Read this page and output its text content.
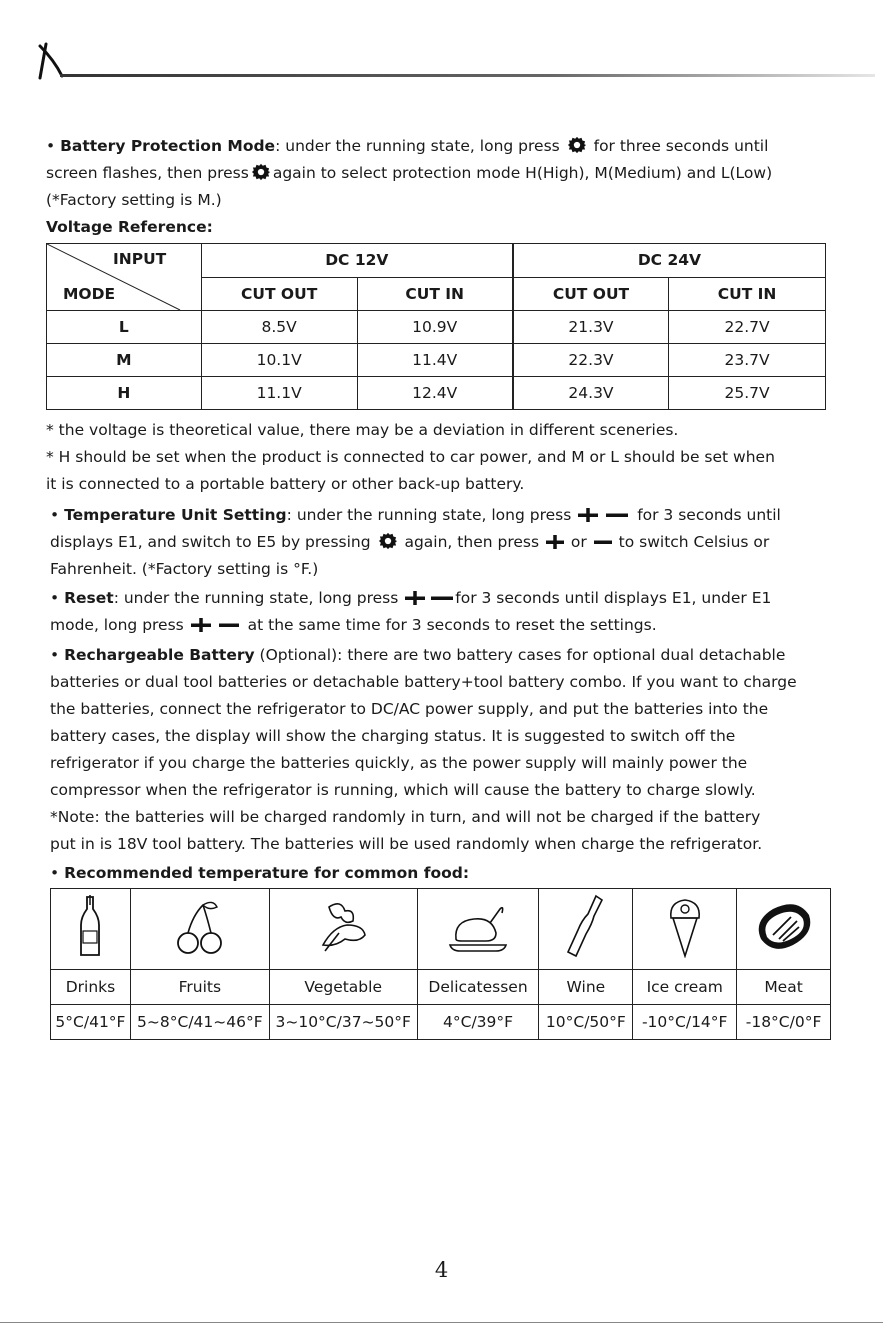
• Battery Protection Mode: under the running state, long press for three seconds until

screen flashes, then press again to select protection mode H(High), M(Medium) and L(Low)

(*Factory setting is M.)

Voltage Reference:

INPUT
MODE	DC 12V		DC 24V	
	CUT OUT	CUT IN	CUT OUT	CUT IN
L	8.5V	10.9V	21.3V	22.7V
M	10.1V	11.4V	22.3V	23.7V
H	11.1V	12.4V	24.3V	25.7V

* the voltage is theoretical value, there may be a deviation in different sceneries.

* H should be set when the product is connected to car power, and M or L should be set when

it is connected to a portable battery or other back-up battery.

• Temperature Unit Setting: under the running state, long press	for 3 seconds until

displays E1, and switch to E5 by pressing again, then press or to switch Celsius or

Fahrenheit. (*Factory setting is °F.)

• Reset: under the running state, long press	for 3 seconds until displays E1, under E1

mode, long press	at the same time for 3 seconds to reset the settings.

• Rechargeable Battery (Optional): there are two battery cases for optional dual detachable

batteries or dual tool batteries or detachable battery+tool battery combo. If you want to charge

the batteries, connect the refrigerator to DC/AC power supply, and put the batteries into the

battery cases, the display will show the charging status. It is suggested to switch off the

refrigerator if you charge the batteries quickly, as the power supply will mainly power the

compressor when the refrigerator is running, which will cause the battery to charge slowly.

*Note: the batteries will be charged randomly in turn, and will not be charged if the battery

put in is 18V tool battery. The batteries will be used randomly when charge the refrigerator.

• Recommended temperature for common food:

Drinks	Fruits	Vegetable	Delicatessen	Wine	Ice cream	Meat
5°C/41°F	5~8°C/41~46°F	3~10°C/37~50°F	4°C/39°F	10°C/50°F	-10°C/14°F	-18°C/0°F
4
